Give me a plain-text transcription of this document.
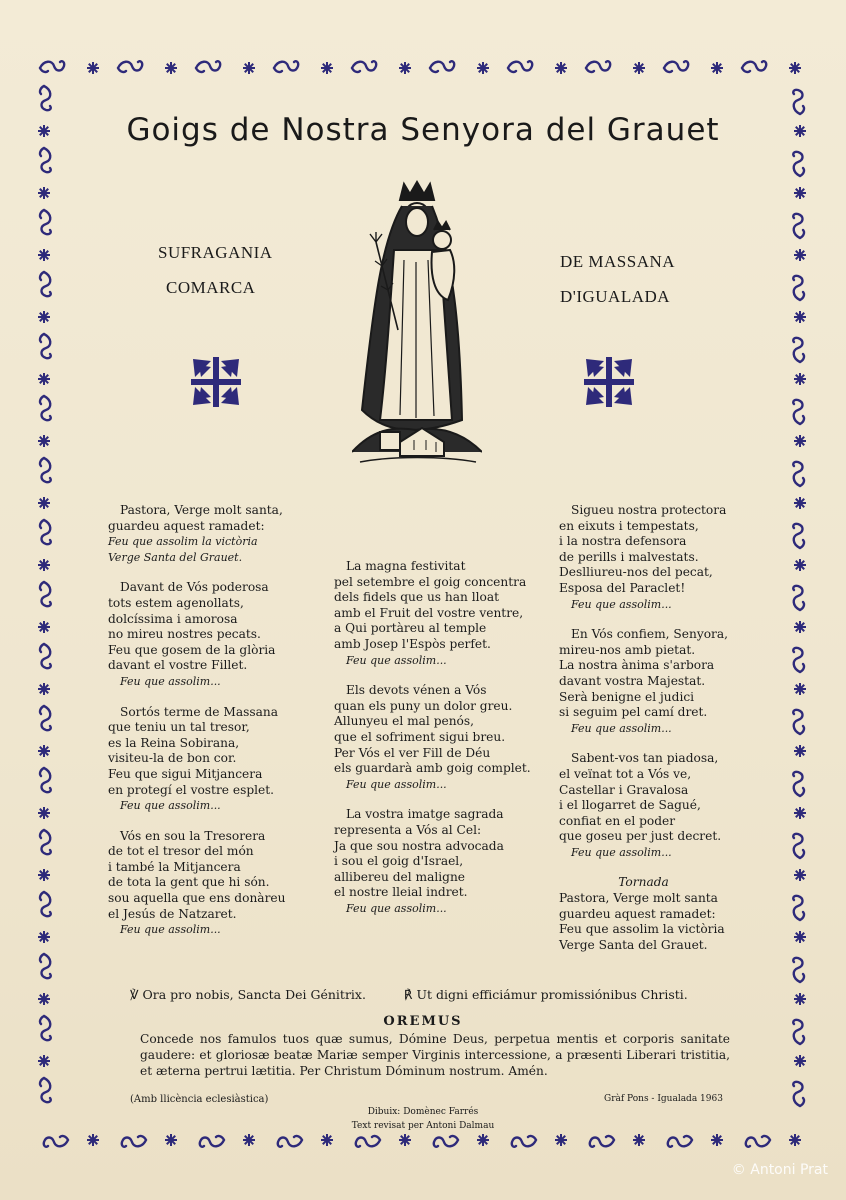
Goigs de Nostra Senyora del Grauet
SUFRAGANIA
COMARCA
DE MASSANA
D'IGUALADA
Pastora, Verge molt santa,
guardeu aquest ramadet:
Feu que assolim la victòria
Verge Santa del Grauet.
Davant de Vós poderosa
tots estem agenollats,
dolcíssima i amorosa
no mireu nostres pecats.
Feu que gosem de la glòria
davant el vostre Fillet.
Feu que assolim...
Sortós terme de Massana
que teniu un tal tresor,
es la Reina Sobirana,
visiteu-la de bon cor.
Feu que sigui Mitjancera
en protegí el vostre esplet.
Feu que assolim...
Vós en sou la Tresorera
de tot el tresor del món
i també la Mitjancera
de tota la gent que hi són.
sou aquella que ens donàreu
el Jesús de Natzaret.
Feu que assolim...
La magna festivitat
pel setembre el goig concentra
dels fidels que us han lloat
amb el Fruit del vostre ventre,
a Qui portàreu al temple
amb Josep l'Espòs perfet.
Feu que assolim...
Els devots vénen a Vós
quan els puny un dolor greu.
Allunyeu el mal penós,
que el sofriment sigui breu.
Per Vós el ver Fill de Déu
els guardarà amb goig complet.
Feu que assolim...
La vostra imatge sagrada
representa a Vós al Cel:
Ja que sou nostra advocada
i sou el goig d'Israel,
allibereu del maligne
el nostre lleial indret.
Feu que assolim...
Sigueu nostra protectora
en eixuts i tempestats,
i la nostra defensora
de perills i malvestats.
Deslliureu-nos del pecat,
Esposa del Paraclet!
Feu que assolim...
En Vós confiem, Senyora,
mireu-nos amb pietat.
La nostra ànima s'arbora
davant vostra Majestat.
Serà benigne el judici
si seguim pel camí dret.
Feu que assolim...
Sabent-vos tan piadosa,
el veïnat tot a Vós ve,
Castellar i Gravalosa
i el llogarret de Sagué,
confiat en el poder
que goseu per just decret.
Feu que assolim...
Tornada
Pastora, Verge molt santa
guardeu aquest ramadet:
Feu que assolim la victòria
Verge Santa del Grauet.
℣ Ora pro nobis, Sancta Dei Génitrix.	℟ Ut digni efficiámur promissiónibus Christi.
OREMUS
Concede nos famulos tuos quæ sumus, Dómine Deus, perpetua mentis et corporis sanitate gaudere: et gloriosæ beatæ Mariæ semper Virginis intercessione, a præsenti Liberari tristitia, et æterna pertrui lætitia. Per Christum Dóminum nostrum. Amén.
(Amb llicència eclesiàstica)	Gràf Pons - Igualada 1963
Dibuix: Domènec Farrés
Text revisat per Antoni Dalmau
© Antoni Prat
